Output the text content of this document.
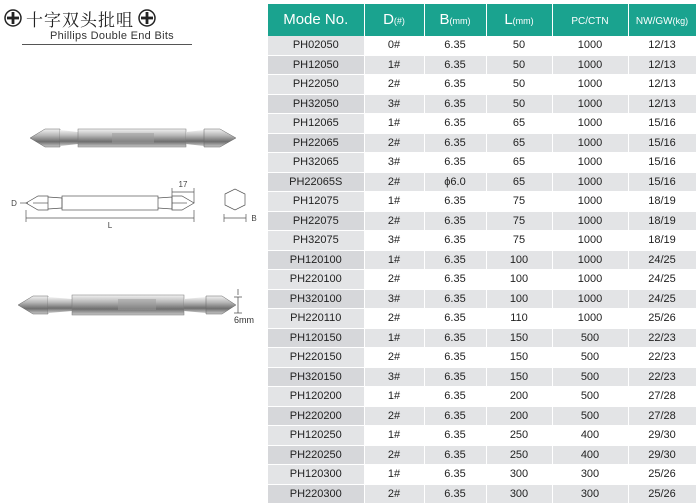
十字双头批咀
Phillips Double End Bits
17
L
D
B
6mm
Mode No.	D(#)	B(mm)	L(mm)	PC/CTN	NW/GW(kg)
PH02050	0#	6.35	50	1000	12/13
PH12050	1#	6.35	50	1000	12/13
PH22050	2#	6.35	50	1000	12/13
PH32050	3#	6.35	50	1000	12/13
PH12065	1#	6.35	65	1000	15/16
PH22065	2#	6.35	65	1000	15/16
PH32065	3#	6.35	65	1000	15/16
PH22065S	2#	ϕ6.0	65	1000	15/16
PH12075	1#	6.35	75	1000	18/19
PH22075	2#	6.35	75	1000	18/19
PH32075	3#	6.35	75	1000	18/19
PH120100	1#	6.35	100	1000	24/25
PH220100	2#	6.35	100	1000	24/25
PH320100	3#	6.35	100	1000	24/25
PH220110	2#	6.35	110	1000	25/26
PH120150	1#	6.35	150	500	22/23
PH220150	2#	6.35	150	500	22/23
PH320150	3#	6.35	150	500	22/23
PH120200	1#	6.35	200	500	27/28
PH220200	2#	6.35	200	500	27/28
PH120250	1#	6.35	250	400	29/30
PH220250	2#	6.35	250	400	29/30
PH120300	1#	6.35	300	300	25/26
PH220300	2#	6.35	300	300	25/26
